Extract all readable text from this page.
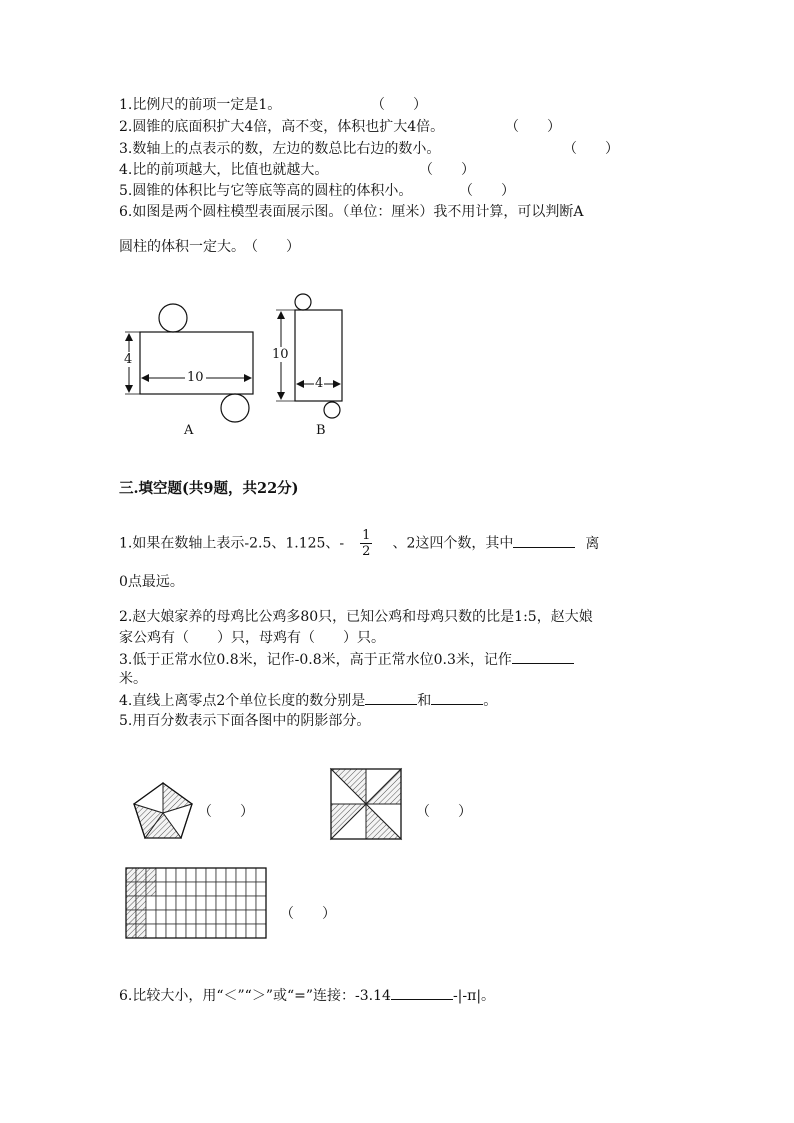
1.比例尺的前项一定是1。	（　　）
2.圆锥的底面积扩大4倍，高不变，体积也扩大4倍。	（　　）
3.数轴上的点表示的数，左边的数总比右边的数小。	（　　）
4.比的前项越大，比值也就越大。	（　　）
5.圆锥的体积比与它等底等高的圆柱的体积小。	（　　）
6.如图是两个圆柱模型表面展示图。（单位：厘米）我不用计算，可以判断A
圆柱的体积一定大。 （　　）
4
10
A
10
4
B
三.填空题(共9题，共22分)
1.如果在数轴上表示-2.5、1.125、- $\frac{1}{2}$ 、2这四个数，其中	离
0点最远。
2.赵大娘家养的母鸡比公鸡多80只，已知公鸡和母鸡只数的比是1:5，赵大娘
家公鸡有（　　）只，母鸡有（　　）只。
3.低于正常水位0.8米，记作-0.8米，高于正常水位0.3米，记作
米。
4.直线上离零点2个单位长度的数分别是	和	。
5.用百分数表示下面各图中的阴影部分。
（　　）	（　　）
（　　）
6.比较大小，用“＜”“＞”或“=”连接：-3.14	-|-π|。
